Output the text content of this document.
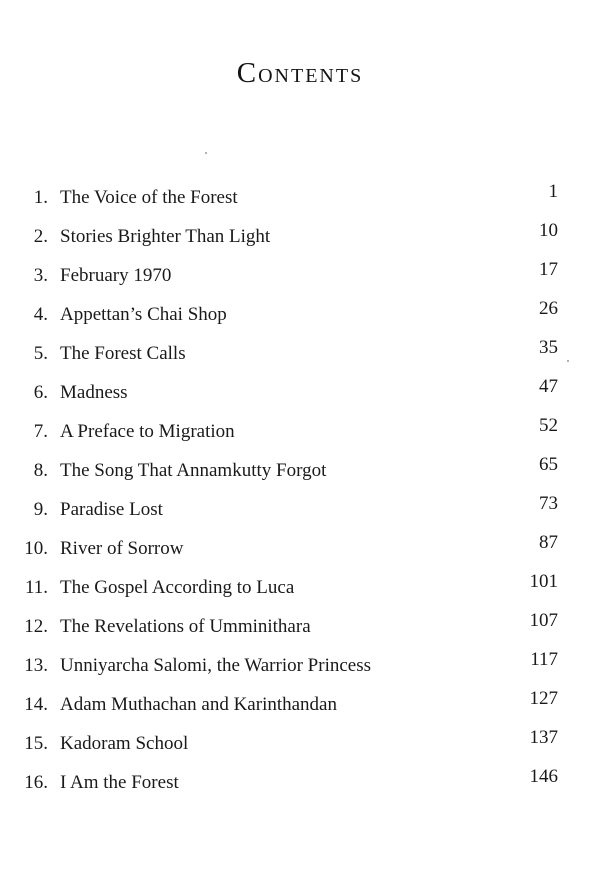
Contents
1. The Voice of the Forest	1
2. Stories Brighter Than Light	10
3. February 1970	17
4. Appettan’s Chai Shop	26
5. The Forest Calls	35
6. Madness	47
7. A Preface to Migration	52
8. The Song That Annamkutty Forgot	65
9. Paradise Lost	73
10. River of Sorrow	87
11. The Gospel According to Luca	101
12. The Revelations of Umminithara	107
13. Unniyarcha Salomi, the Warrior Princess	117
14. Adam Muthachan and Karinthandan	127
15. Kadoram School	137
16. I Am the Forest	146
